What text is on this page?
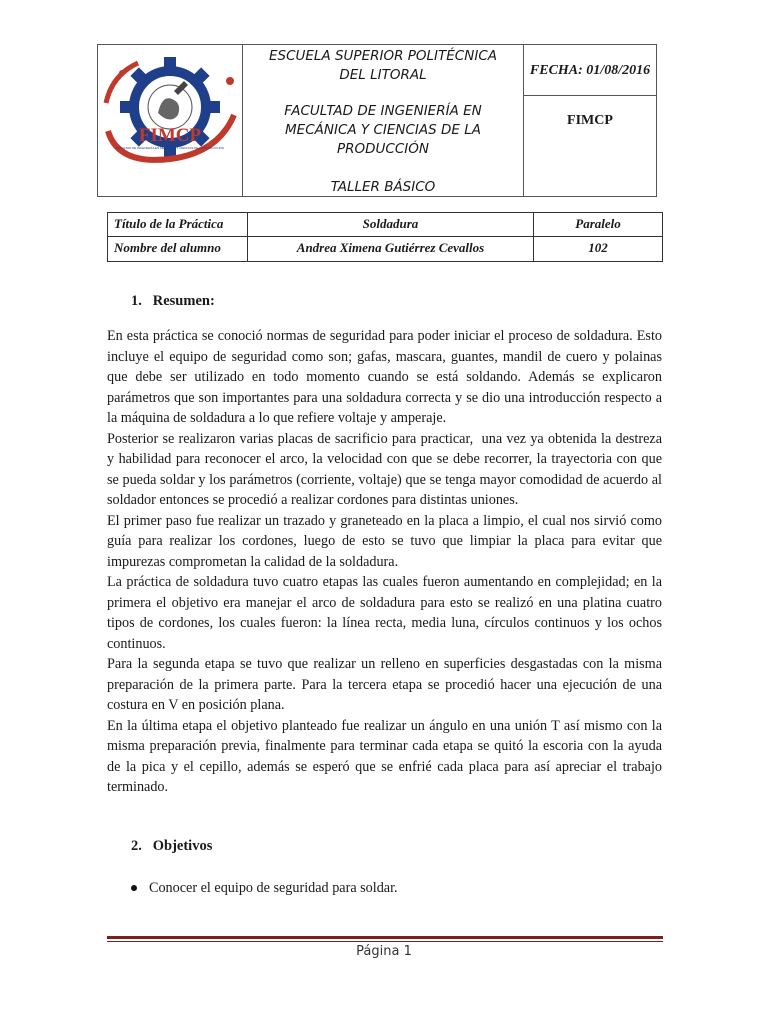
FIMCP
FACULTAD DE INGENIERÍA EN MECÁNICA Y CIENCIAS DE LA PRODUCCIÓN
ESCUELA SUPERIOR POLITÉCNICA
DEL LITORAL
FACULTAD DE INGENIERÍA EN
MECÁNICA Y CIENCIAS DE LA
PRODUCCIÓN
TALLER BÁSICO
FECHA: 01/08/2016
FIMCP
Título de la Práctica	Soldadura	Paralelo
Nombre del alumno	Andrea Ximena Gutiérrez Cevallos	102
1.   Resumen:

En esta práctica se conoció normas de seguridad para poder iniciar el proceso de soldadura. Esto incluye el equipo de seguridad como son; gafas, mascara, guantes, mandil de cuero y polainas que debe ser utilizado en todo momento cuando se está soldando. Además se explicaron parámetros que son importantes para una soldadura correcta y se dio una introducción respecto a la máquina de soldadura a lo que refiere voltaje y amperaje.

Posterior se realizaron varias placas de sacrificio para practicar,  una vez ya obtenida la destreza y habilidad para reconocer el arco, la velocidad con que se debe recorrer, la trayectoria con que se pueda soldar y los parámetros (corriente, voltaje) que se tenga mayor comodidad de acuerdo al soldador entonces se procedió a realizar cordones para distintas uniones.

El primer paso fue realizar un trazado y graneteado en la placa a limpio, el cual nos sirvió como guía para realizar los cordones, luego de esto se tuvo que limpiar la placa para evitar que impurezas comprometan la calidad de la soldadura.

La práctica de soldadura tuvo cuatro etapas las cuales fueron aumentando en complejidad; en la primera el objetivo era manejar el arco de soldadura para esto se realizó en una platina cuatro tipos de cordones, los cuales fueron: la línea recta, media luna, círculos continuos y los ochos continuos.

Para la segunda etapa se tuvo que realizar un relleno en superficies desgastadas con la misma preparación de la primera parte. Para la tercera etapa se procedió hacer una ejecución de una costura en V en posición plana.

En la última etapa el objetivo planteado fue realizar un ángulo en una unión T así mismo con la misma preparación previa, finalmente para terminar cada etapa se quitó la escoria con la ayuda de la pica y el cepillo, además se esperó que se enfrié cada placa para así apreciar el trabajo terminado.

2.   Objetivos
Conocer el equipo de seguridad para soldar.
Página 1
